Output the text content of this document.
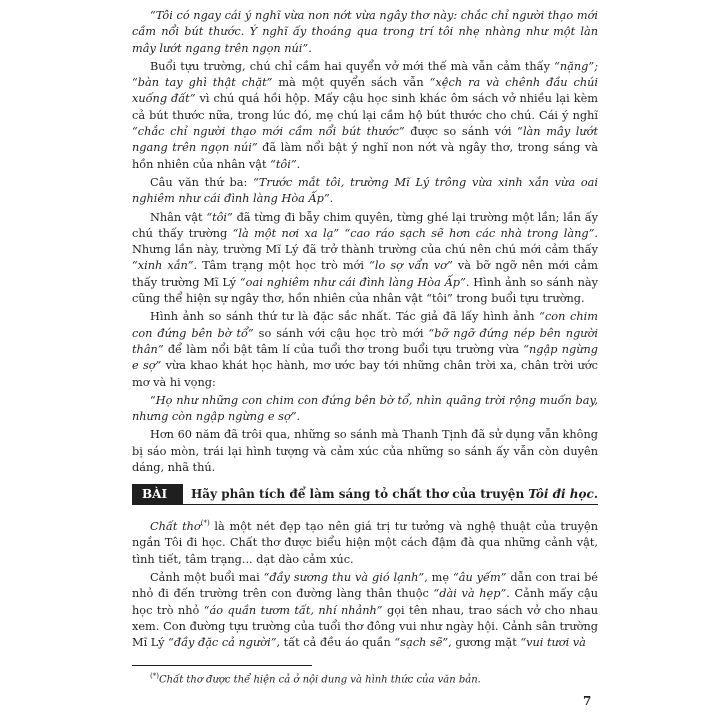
“Tôi có ngay cái ý nghĩ vừa non nớt vừa ngây thơ này: chắc chỉ người thạo mới cầm nổi bút thước. Ý nghĩ ấy thoáng qua trong trí tôi nhẹ nhàng như một làn mây lướt ngang trên ngọn núi”.

Buổi tựu trường, chú chỉ cầm hai quyển vở mới thế mà vẫn cảm thấy “nặng”; “bàn tay ghì thật chặt” mà một quyển sách vẫn “xệch ra và chênh đầu chúi xuống đất” vì chú quá hồi hộp. Mấy cậu học sinh khác ôm sách vở nhiều lại kèm cả bút thước nữa, trong lúc đó, mẹ chú lại cầm hộ bút thước cho chú. Cái ý nghĩ “chắc chỉ người thạo mới cầm nổi bút thước” được so sánh với “làn mây lướt ngang trên ngọn núi” đã làm nổi bật ý nghĩ non nớt và ngây thơ, trong sáng và hồn nhiên của nhân vật “tôi”.

Câu văn thứ ba: “Trước mắt tôi, trường Mĩ Lý trông vừa xinh xắn vừa oai nghiêm như cái đình làng Hòa Ấp”.

Nhân vật “tôi” đã từng đi bẫy chim quyên, từng ghé lại trường một lần; lần ấy chú thấy trường “là một nơi xa lạ” “cao ráo sạch sẽ hơn các nhà trong làng”. Nhưng lần này, trường Mĩ Lý đã trở thành trường của chú nên chú mới cảm thấy “xinh xắn”. Tâm trạng một học trò mới “lo sợ vẩn vơ” và bỡ ngỡ nên mới cảm thấy trường Mĩ Lý “oai nghiêm như cái đình làng Hòa Ấp”. Hình ảnh so sánh này cũng thể hiện sự ngây thơ, hồn nhiên của nhân vật “tôi” trong buổi tựu trường.

Hình ảnh so sánh thứ tư là đặc sắc nhất. Tác giả đã lấy hình ảnh “con chim con đứng bên bờ tổ” so sánh với cậu học trò mới “bỡ ngỡ đứng nép bên người thân” để làm nổi bật tâm lí của tuổi thơ trong buổi tựu trường vừa “ngập ngừng e sợ” vừa khao khát học hành, mơ ước bay tới những chân trời xa, chân trời ước mơ và hi vọng:

“Họ như những con chim con đứng bên bờ tổ, nhìn quãng trời rộng muốn bay, nhưng còn ngập ngừng e sợ”.

Hơn 60 năm đã trôi qua, những so sánh mà Thanh Tịnh đã sử dụng vẫn không bị sáo mòn, trái lại hình tượng và cảm xúc của những so sánh ấy vẫn còn duyên dáng, nhã thú.

BÀI 3
Hãy phân tích để làm sáng tỏ chất thơ của truyện Tôi đi học.

Chất thơ(*) là một nét đẹp tạo nên giá trị tư tưởng và nghệ thuật của truyện ngắn Tôi đi học. Chất thơ được biểu hiện một cách đậm đà qua những cảnh vật, tình tiết, tâm trạng... dạt dào cảm xúc.

Cảnh một buổi mai “đầy sương thu và gió lạnh”, mẹ “âu yếm” dẫn con trai bé nhỏ đi đến trường trên con đường làng thân thuộc “dài và hẹp”. Cảnh mấy cậu học trò nhỏ “áo quần tươm tất, nhí nhảnh” gọi tên nhau, trao sách vở cho nhau xem. Con đường tựu trường của tuổi thơ đông vui như ngày hội. Cảnh sân trường Mĩ Lý “đầy đặc cả người”, tất cả đều áo quần “sạch sẽ”, gương mặt “vui tươi và

(*)Chất thơ được thể hiện cả ở nội dung và hình thức của văn bản.

7
